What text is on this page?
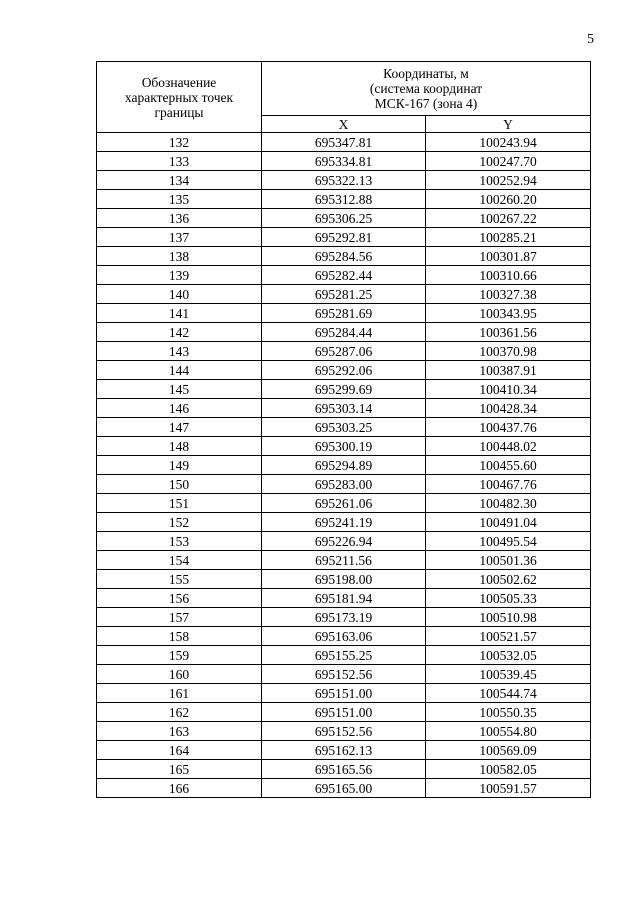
5
Обозначение
характерных точек
границы	Координаты, м
(система координат
МСК-167 (зона 4)	
	X	Y
132	695347.81	100243.94
133	695334.81	100247.70
134	695322.13	100252.94
135	695312.88	100260.20
136	695306.25	100267.22
137	695292.81	100285.21
138	695284.56	100301.87
139	695282.44	100310.66
140	695281.25	100327.38
141	695281.69	100343.95
142	695284.44	100361.56
143	695287.06	100370.98
144	695292.06	100387.91
145	695299.69	100410.34
146	695303.14	100428.34
147	695303.25	100437.76
148	695300.19	100448.02
149	695294.89	100455.60
150	695283.00	100467.76
151	695261.06	100482.30
152	695241.19	100491.04
153	695226.94	100495.54
154	695211.56	100501.36
155	695198.00	100502.62
156	695181.94	100505.33
157	695173.19	100510.98
158	695163.06	100521.57
159	695155.25	100532.05
160	695152.56	100539.45
161	695151.00	100544.74
162	695151.00	100550.35
163	695152.56	100554.80
164	695162.13	100569.09
165	695165.56	100582.05
166	695165.00	100591.57
